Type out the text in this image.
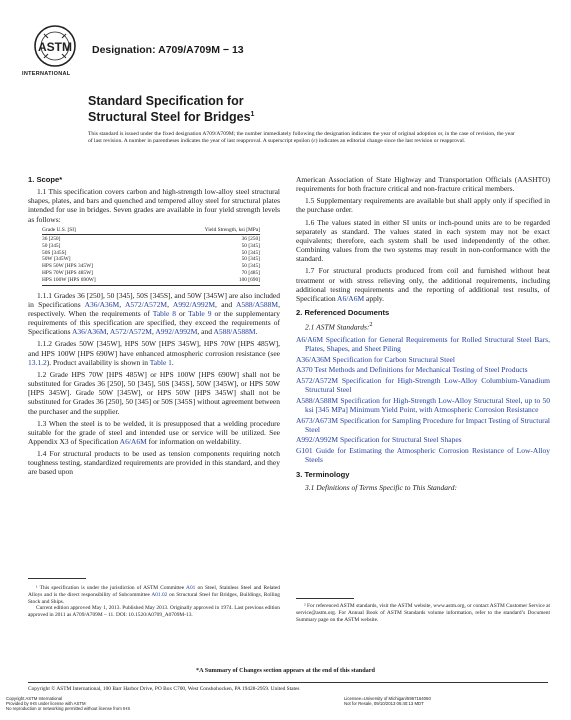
ASTM
INTERNATIONAL
Designation: A709/A709M − 13
Standard Specification for
Structural Steel for Bridges$^1$
This standard is issued under the fixed designation A709/A709M; the number immediately following the designation indicates the year of original adoption or, in the case of revision, the year of last revision. A number in parentheses indicates the year of last reapproval. A superscript epsilon (ε) indicates an editorial change since the last revision or reapproval.
1. Scope*

1.1 This specification covers carbon and high-strength low-alloy steel structural shapes, plates, and bars and quenched and tempered alloy steel for structural plates intended for use in bridges. Seven grades are available in four yield strength levels as follows:

Grade U.S. [SI]	Yield Strength, ksi [MPa]
36 [250]	36 [250]
50 [345]	50 [345]
50S [345S]	50 [345]
50W [345W]	50 [345]
HPS 50W [HPS 345W]	50 [345]
HPS 70W [HPS 485W]	70 [485]
HPS 100W [HPS 690W]	100 [690]

1.1.1 Grades 36 [250], 50 [345], 50S [345S], and 50W [345W] are also included in Specifications A36/A36M, A572/A572M, A992/A992M, and A588/A588M, respectively. When the requirements of Table 8 or Table 9 or the supplementary requirements of this specification are specified, they exceed the requirements of Specifications A36/A36M, A572/A572M, A992/A992M, and A588/A588M.

1.1.2 Grades 50W [345W], HPS 50W [HPS 345W], HPS 70W [HPS 485W], and HPS 100W [HPS 690W] have enhanced atmospheric corrosion resistance (see 13.1.2). Product availability is shown in Table 1.

1.2 Grade HPS 70W [HPS 485W] or HPS 100W [HPS 690W] shall not be substituted for Grades 36 [250], 50 [345], 50S [345S], 50W [345W], or HPS 50W [HPS 345W]. Grade 50W [345W], or HPS 50W [HPS 345W] shall not be substituted for Grades 36 [250], 50 [345] or 50S [345S] without agreement between the purchaser and the supplier.

1.3 When the steel is to be welded, it is presupposed that a welding procedure suitable for the grade of steel and intended use or service will be utilized. See Appendix X3 of Specification A6/A6M for information on weldability.

1.4 For structural products to be used as tension components requiring notch toughness testing, standardized requirements are provided in this standard, and they are based upon

American Association of State Highway and Transportation Officials (AASHTO) requirements for both fracture critical and non-fracture critical members.

1.5 Supplementary requirements are available but shall apply only if specified in the purchase order.

1.6 The values stated in either SI units or inch-pound units are to be regarded separately as standard. The values stated in each system may not be exact equivalents; therefore, each system shall be used independently of the other. Combining values from the two systems may result in non-conformance with the standard.

1.7 For structural products produced from coil and furnished without heat treatment or with stress relieving only, the additional requirements, including additional testing requirements and the reporting of additional test results, of Specification A6/A6M apply.

2. Referenced Documents

2.1 ASTM Standards:$^2$

A6/A6M Specification for General Requirements for Rolled Structural Steel Bars, Plates, Shapes, and Sheet Piling

A36/A36M Specification for Carbon Structural Steel

A370 Test Methods and Definitions for Mechanical Testing of Steel Products

A572/A572M Specification for High-Strength Low-Alloy Columbium-Vanadium Structural Steel

A588/A588M Specification for High-Strength Low-Alloy Structural Steel, up to 50 ksi [345 MPa] Minimum Yield Point, with Atmospheric Corrosion Resistance

A673/A673M Specification for Sampling Procedure for Impact Testing of Structural Steel

A992/A992M Specification for Structural Steel Shapes

G101 Guide for Estimating the Atmospheric Corrosion Resistance of Low-Alloy Steels

3. Terminology

3.1 Definitions of Terms Specific to This Standard:

¹ This specification is under the jurisdiction of ASTM Committee A01 on Steel, Stainless Steel and Related Alloys and is the direct responsibility of Subcommittee A01.02 on Structural Steel for Bridges, Buildings, Rolling Stock and Ships.

Current edition approved May 1, 2013. Published May 2013. Originally approved in 1974. Last previous edition approved in 2011 as A709/A709M – 11. DOI: 10.1520/A0709_A0709M-13.

² For referenced ASTM standards, visit the ASTM website, www.astm.org, or contact ASTM Customer Service at service@astm.org. For Annual Book of ASTM Standards volume information, refer to the standard’s Document Summary page on the ASTM website.

*A Summary of Changes section appears at the end of this standard
Copyright © ASTM International, 100 Barr Harbor Drive, PO Box C700, West Conshohocken, PA 19428-2959. United States
Copyright ASTM International
Provided by IHS under license with ASTM
No reproduction or networking permitted without license from IHS
Licensee=University of Michigan/5967164060
Not for Resale, 09/10/2013 06:40:13 MDT
